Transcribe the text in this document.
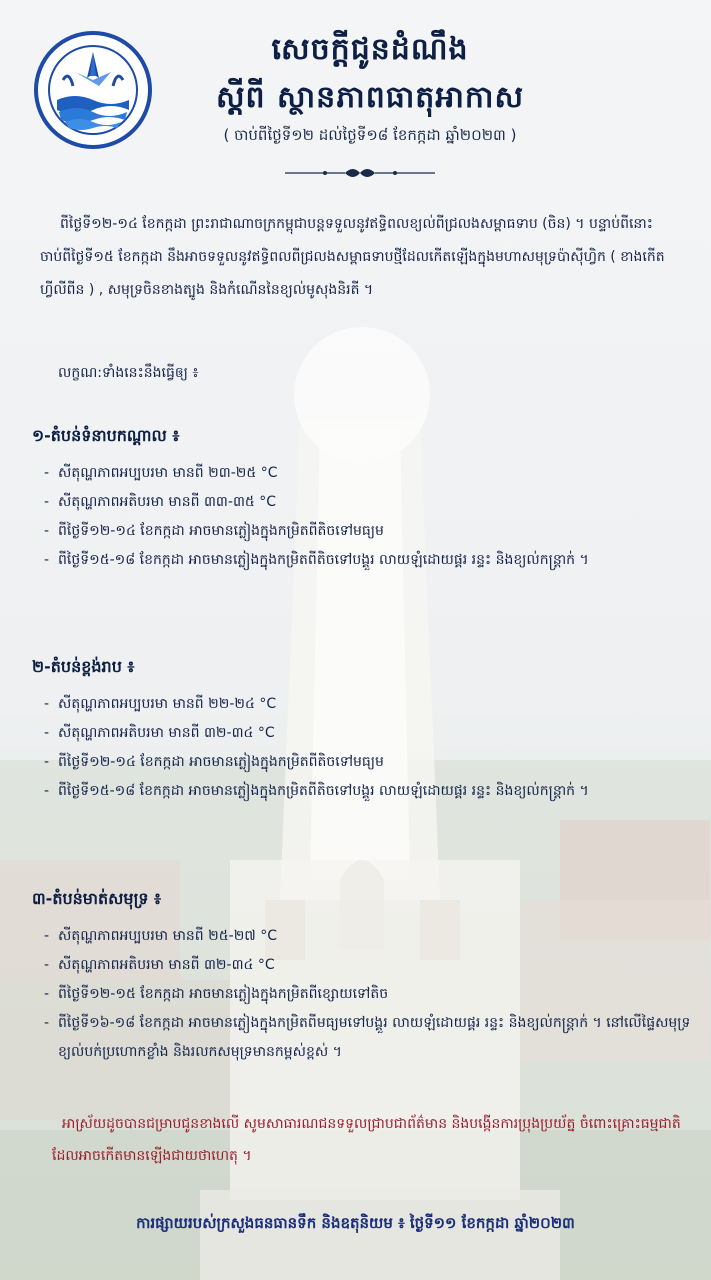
សេចក្តីជូនដំណឹង
ស្តីពី ស្ថានភាពធាតុអាកាស
( ចាប់ពីថ្ងៃទី១២ ដល់ថ្ងៃទី១៨ ខែកក្កដា ឆ្នាំ២០២៣ )
ពីថ្ងៃទី១២-១៤ ខែកក្កដា ព្រះរាជាណាចក្រកម្ពុជាបន្តទទួលនូវឥទ្ធិពលខ្យល់ពីជ្រលងសម្ពាធទាប (ចិន) ។ បន្ទាប់ពីនោះ ចាប់ពីថ្ងៃទី១៥ ខែកក្កដា នឹងអាចទទួលនូវឥទ្ធិពលពីជ្រលងសម្ពាធទាបថ្មីដែលកើតឡើងក្នុងមហាសមុទ្រប៉ាស៊ីហ្វិក ( ខាងកើតហ្វីលីពីន ) , សមុទ្រចិនខាងត្បូង និងកំណើននៃខ្យល់មូសុងនិរតី ។
លក្ខណ:ទាំងនេះនឹងធ្វើឲ្យ ៖
១-តំបន់ទំនាបកណ្តាល ៖
- សីតុណ្ហភាពអប្បបរមា មានពី ២៣-២៥ °C
- សីតុណ្ហភាពអតិបរមា មានពី ៣៣-៣៥ °C
- ពីថ្ងៃទី១២-១៤ ខែកក្កដា អាចមានភ្លៀងក្នុងកម្រិតពីតិចទៅមធ្យម
- ពីថ្ងៃទី១៥-១៨ ខែកក្កដា អាចមានភ្លៀងក្នុងកម្រិតពីតិចទៅបង្គួរ លាយឡំដោយផ្គរ រន្ទះ និងខ្យល់កន្ត្រាក់ ។
២-តំបន់ខ្ពង់រាប ៖
- សីតុណ្ហភាពអប្បបរមា មានពី ២២-២៤ °C
- សីតុណ្ហភាពអតិបរមា មានពី ៣២-៣៤ °C
- ពីថ្ងៃទី១២-១៤ ខែកក្កដា អាចមានភ្លៀងក្នុងកម្រិតពីតិចទៅមធ្យម
- ពីថ្ងៃទី១៥-១៨ ខែកក្កដា អាចមានភ្លៀងក្នុងកម្រិតពីតិចទៅបង្គួរ លាយឡំដោយផ្គរ រន្ទះ និងខ្យល់កន្ត្រាក់ ។
៣-តំបន់មាត់សមុទ្រ ៖
- សីតុណ្ហភាពអប្បបរមា មានពី ២៥-២៧ °C
- សីតុណ្ហភាពអតិបរមា មានពី ៣២-៣៤ °C
- ពីថ្ងៃទី១២-១៥ ខែកក្កដា អាចមានភ្លៀងក្នុងកម្រិតពីខ្សោយទៅតិច
- ពីថ្ងៃទី១៦-១៨ ខែកក្កដា អាចមានភ្លៀងក្នុងកម្រិតពីមធ្យមទៅបង្គួរ លាយឡំដោយផ្គរ រន្ទះ និងខ្យល់កន្ត្រាក់ ។ នៅលើផ្ទៃសមុទ្រ ខ្យល់បក់ប្រហោកខ្លាំង និងរលកសមុទ្រមានកម្ពស់ខ្ពស់ ។
អាស្រ័យដូចបានជម្រាបជូនខាងលើ សូមសាធារណជនទទួលជ្រាបជាព័ត៌មាន និងបង្កើនការប្រុងប្រយ័ត្ន ចំពោះគ្រោះធម្មជាតិដែលអាចកើតមានឡើងជាយថាហេតុ ។
ការផ្សាយរបស់ក្រសួងធនធានទឹក និងឧតុនិយម ៖ ថ្ងៃទី១១ ខែកក្កដា ឆ្នាំ២០២៣
